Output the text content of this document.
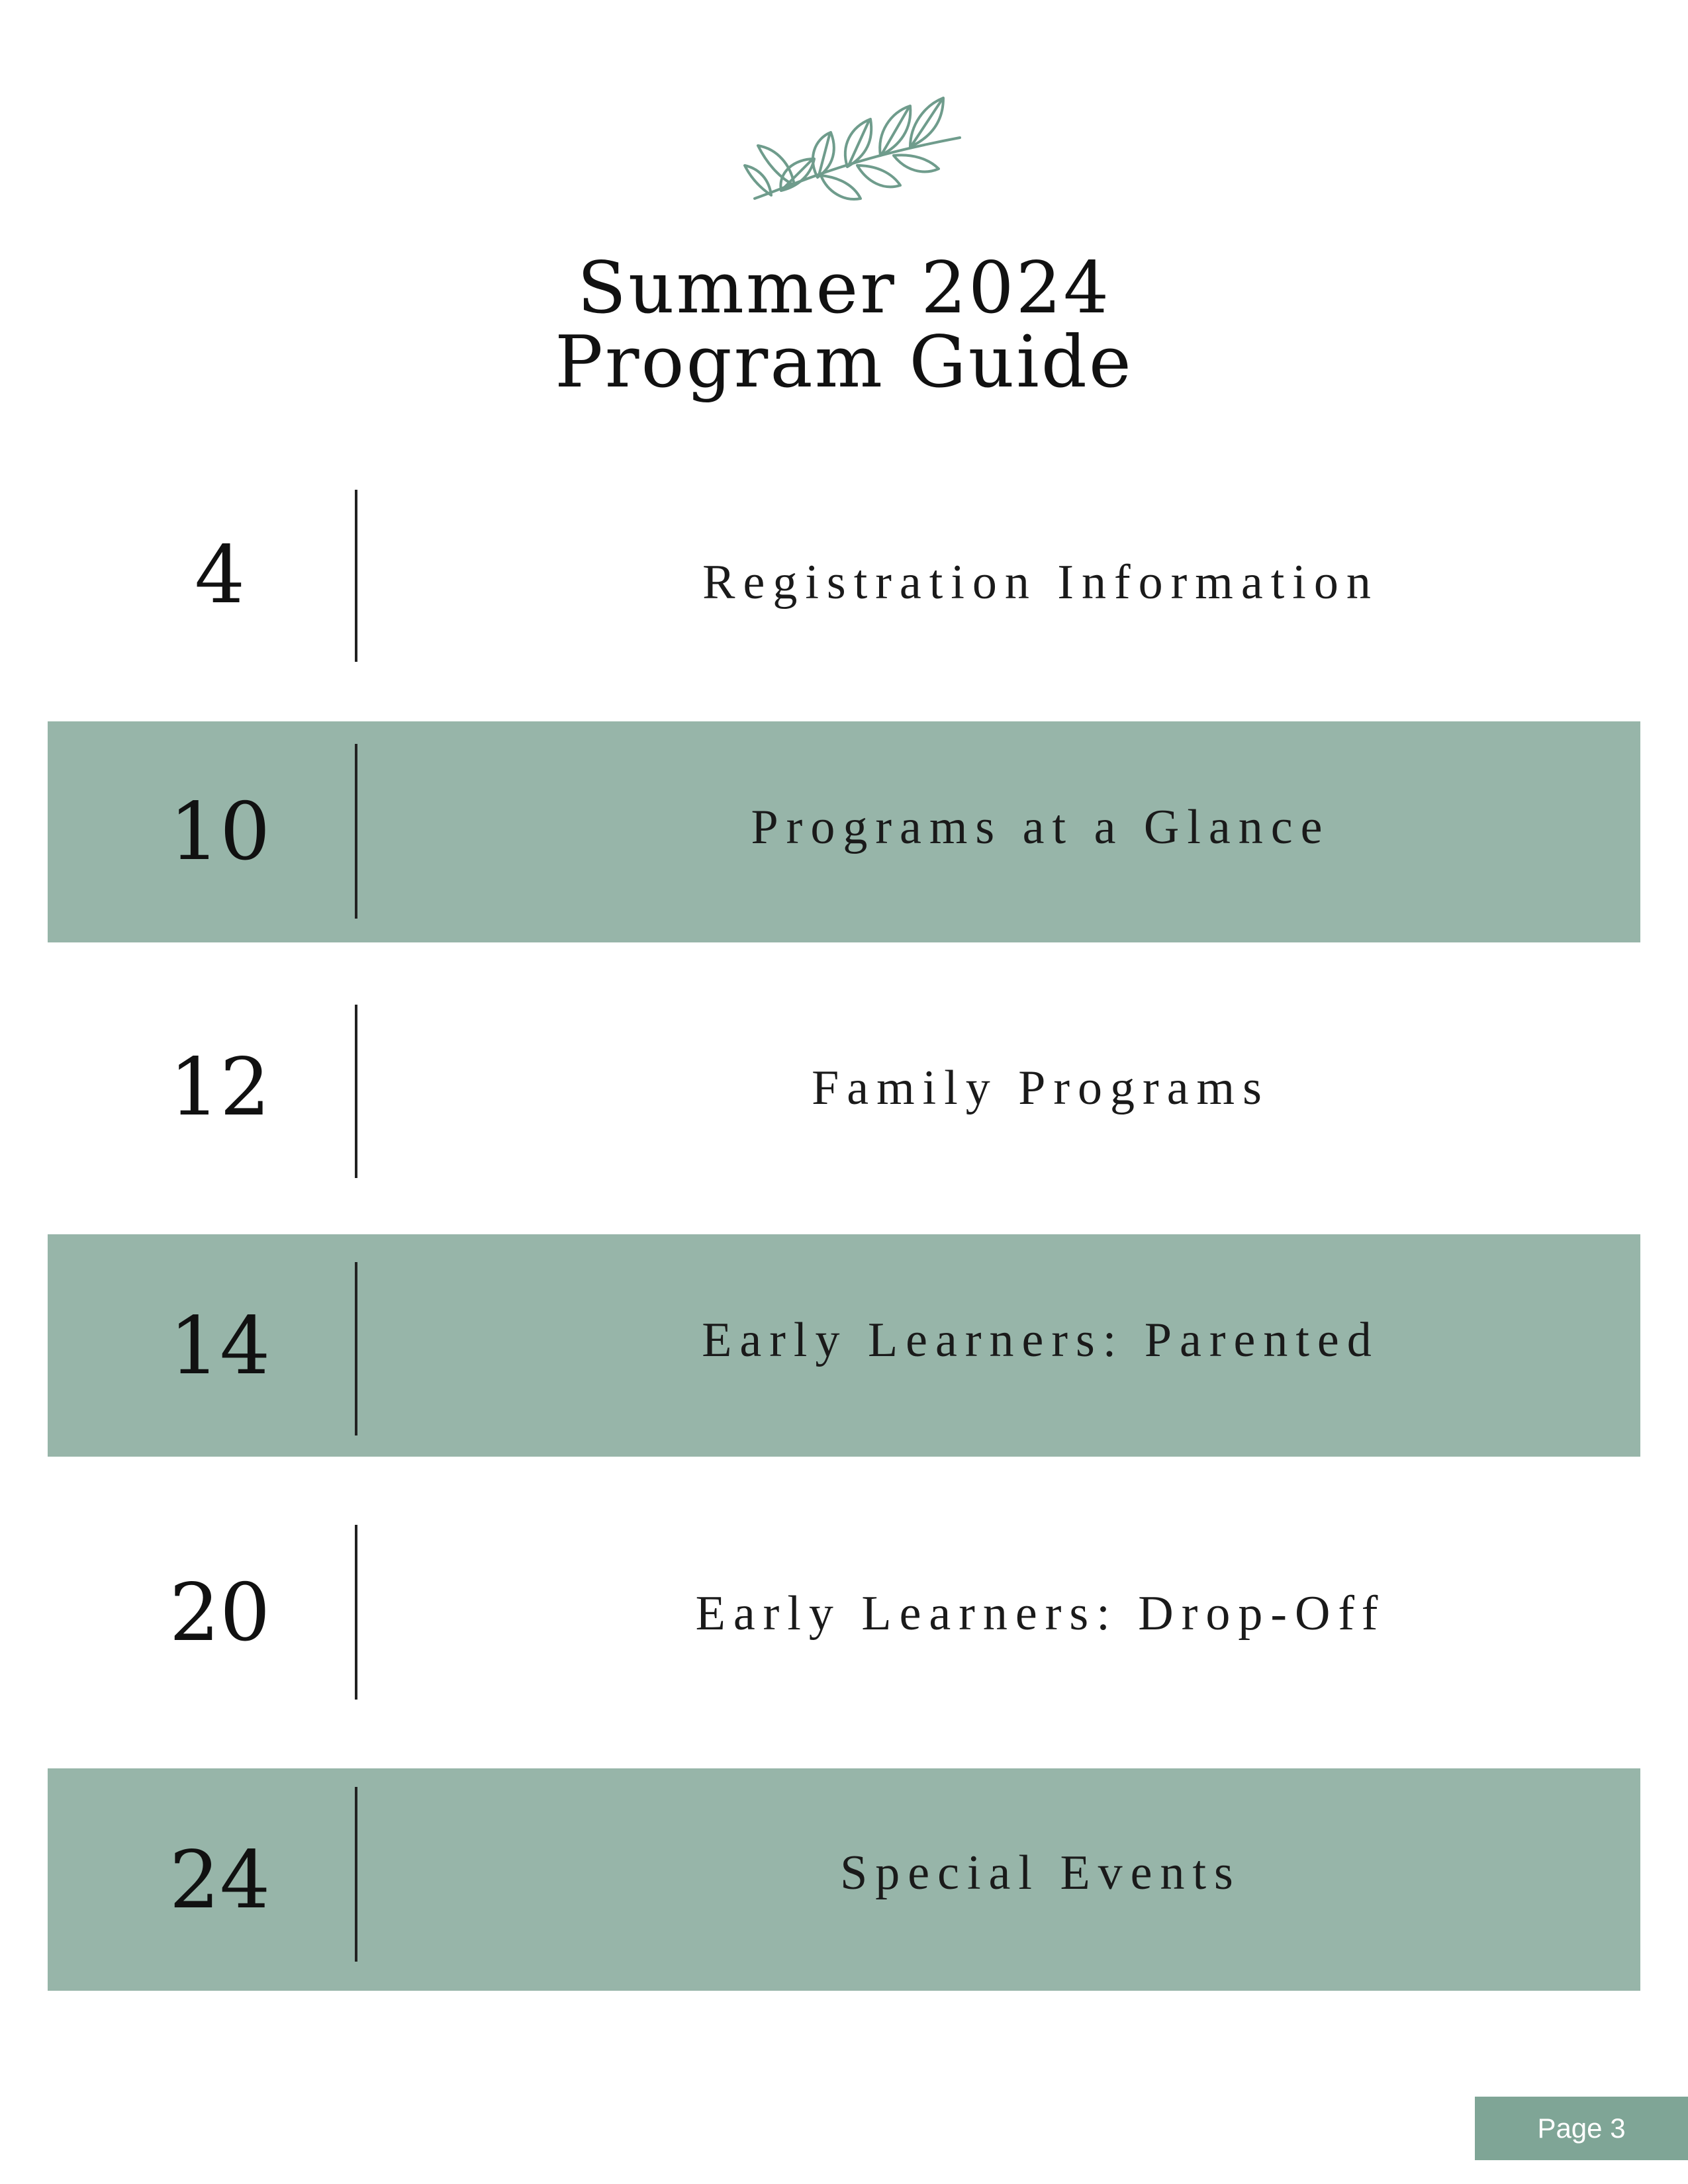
Summer 2024
Program Guide
4	Registration Information
10	Programs at a Glance
12	Family Programs
14	Early Learners: Parented
20	Early Learners: Drop-Off
24	Special Events
Page 3
